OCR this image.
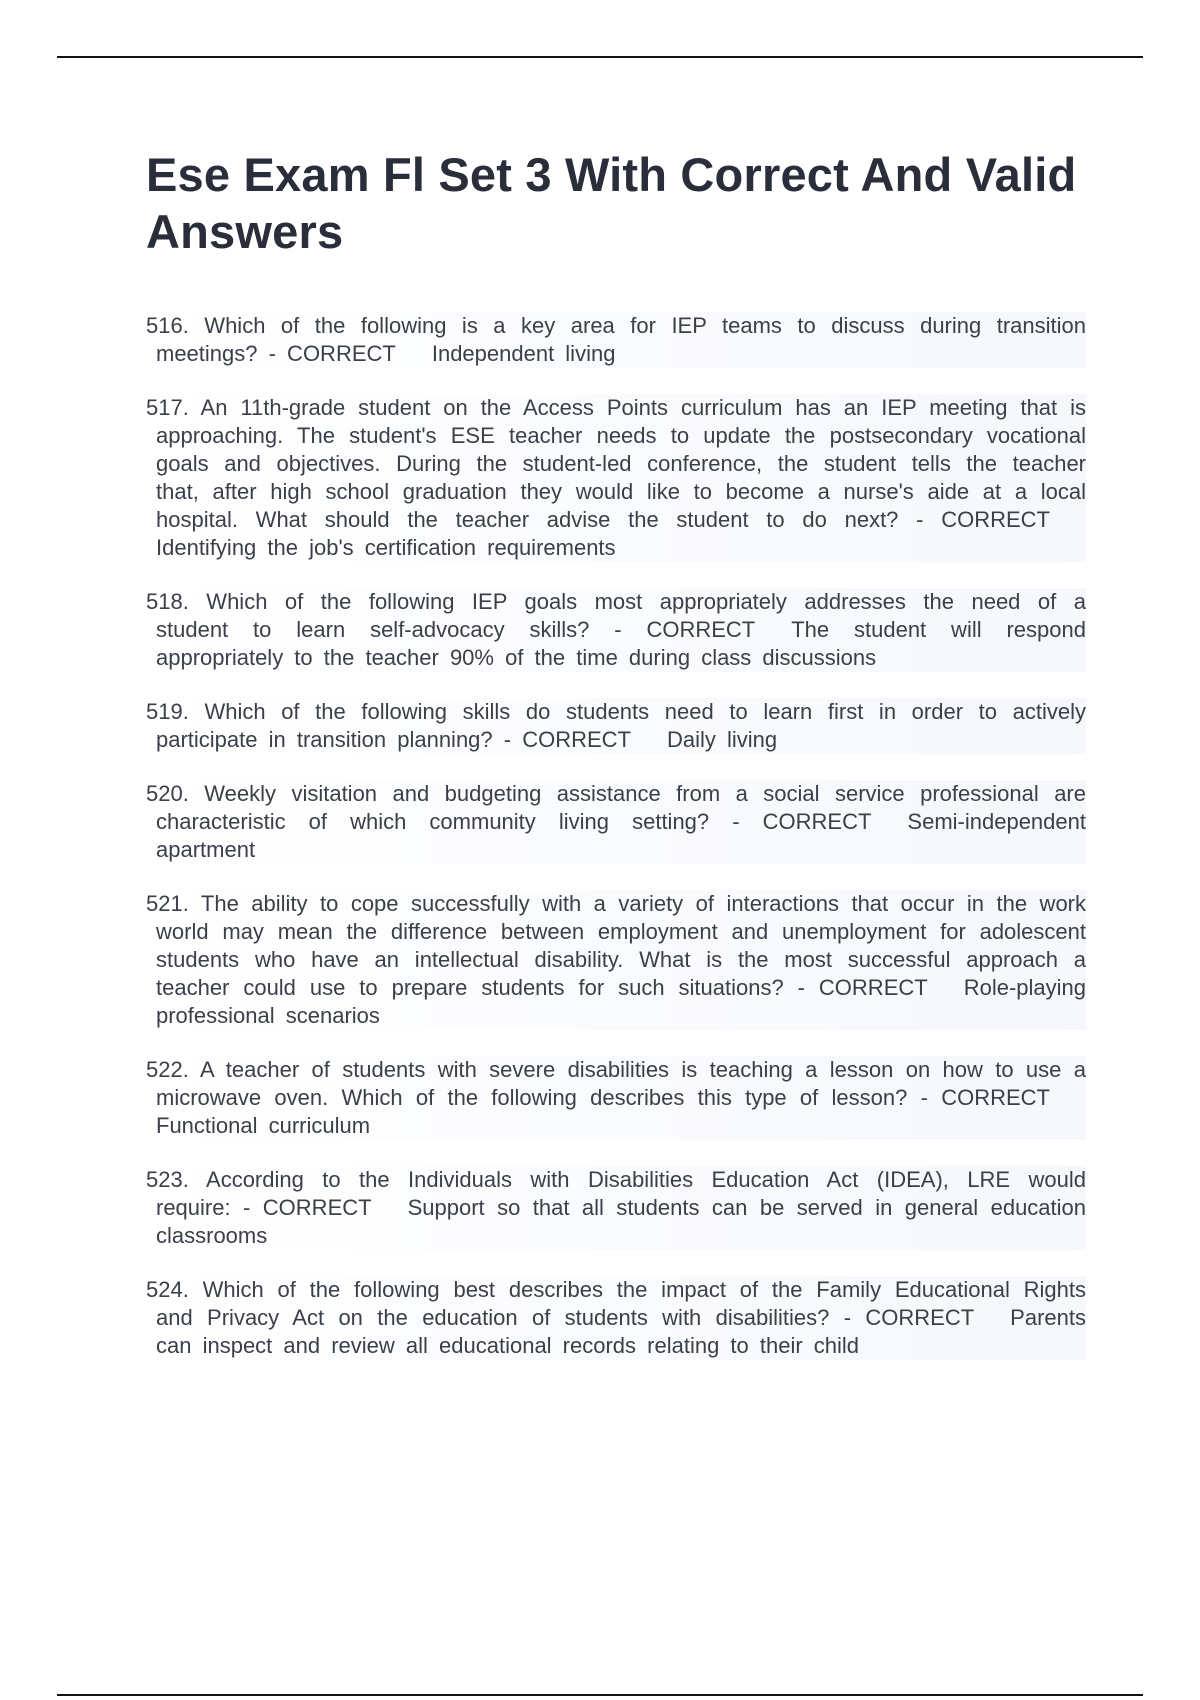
Ese Exam Fl Set 3 With Correct And Valid Answers
516. Which of the following is a key area for IEP teams to discuss during transition meetings? - CORRECT Independent living
517. An 11th-grade student on the Access Points curriculum has an IEP meeting that is approaching. The student's ESE teacher needs to update the postsecondary vocational goals and objectives. During the student-led conference, the student tells the teacher that, after high school graduation they would like to become a nurse's aide at a local hospital. What should the teacher advise the student to do next? - CORRECTIdentifying the job's certification requirements
518. Which of the following IEP goals most appropriately addresses the need of a student to learn self-advocacy skills? - CORRECT The student will respond appropriately to the teacher 90% of the time during class discussions
519. Which of the following skills do students need to learn first in order to actively participate in transition planning? - CORRECT Daily living
520. Weekly visitation and budgeting assistance from a social service professional are characteristic of which community living setting? - CORRECT Semi-independent apartment
521. The ability to cope successfully with a variety of interactions that occur in the work world may mean the difference between employment and unemployment for adolescent students who have an intellectual disability. What is the most successful approach a teacher could use to prepare students for such situations? - CORRECT Role-playing professional scenarios
522. A teacher of students with severe disabilities is teaching a lesson on how to use a microwave oven. Which of the following describes this type of lesson? - CORRECTFunctional curriculum
523. According to the Individuals with Disabilities Education Act (IDEA), LRE would require: - CORRECT Support so that all students can be served in general education classrooms
524. Which of the following best describes the impact of the Family Educational Rights and Privacy Act on the education of students with disabilities? - CORRECT Parents can inspect and review all educational records relating to their child
